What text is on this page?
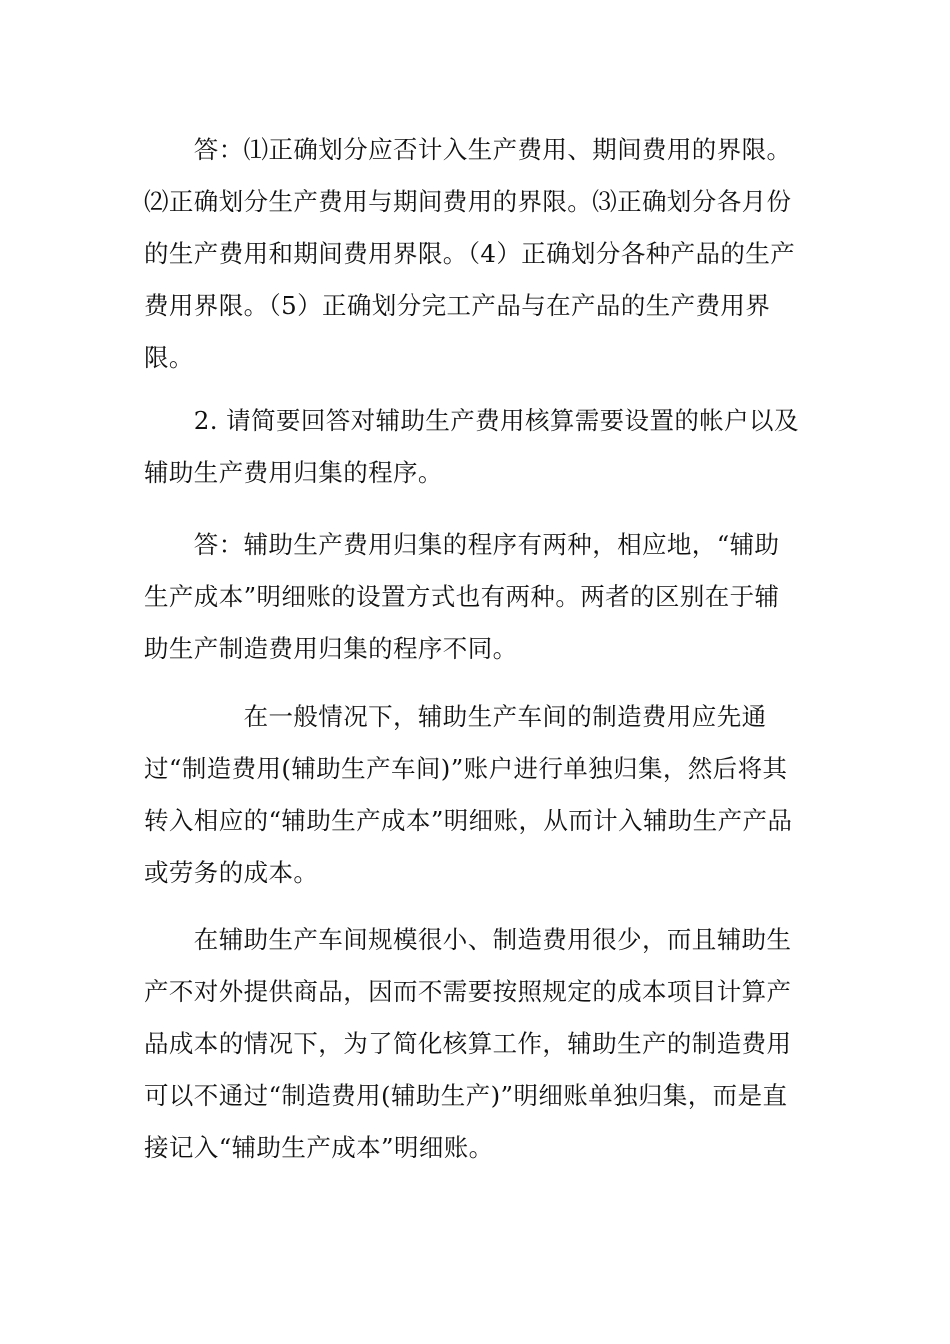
　　答：⑴正确划分应否计入生产费用、期间费用的界限。⑵正确划分生产费用与期间费用的界限。⑶正确划分各月份的生产费用和期间费用界限。（4）正确划分各种产品的生产费用界限。（5）正确划分完工产品与在产品的生产费用界限。

　　2. 请简要回答对辅助生产费用核算需要设置的帐户以及辅助生产费用归集的程序。

　　答：辅助生产费用归集的程序有两种，相应地，“辅助生产成本”明细账的设置方式也有两种。两者的区别在于辅助生产制造费用归集的程序不同。

　　　　在一般情况下，辅助生产车间的制造费用应先通过“制造费用(辅助生产车间)”账户进行单独归集，然后将其转入相应的“辅助生产成本”明细账，从而计入辅助生产产品或劳务的成本。

　　在辅助生产车间规模很小、制造费用很少，而且辅助生产不对外提供商品，因而不需要按照规定的成本项目计算产品成本的情况下，为了简化核算工作，辅助生产的制造费用可以不通过“制造费用(辅助生产)”明细账单独归集，而是直接记入“辅助生产成本”明细账。
